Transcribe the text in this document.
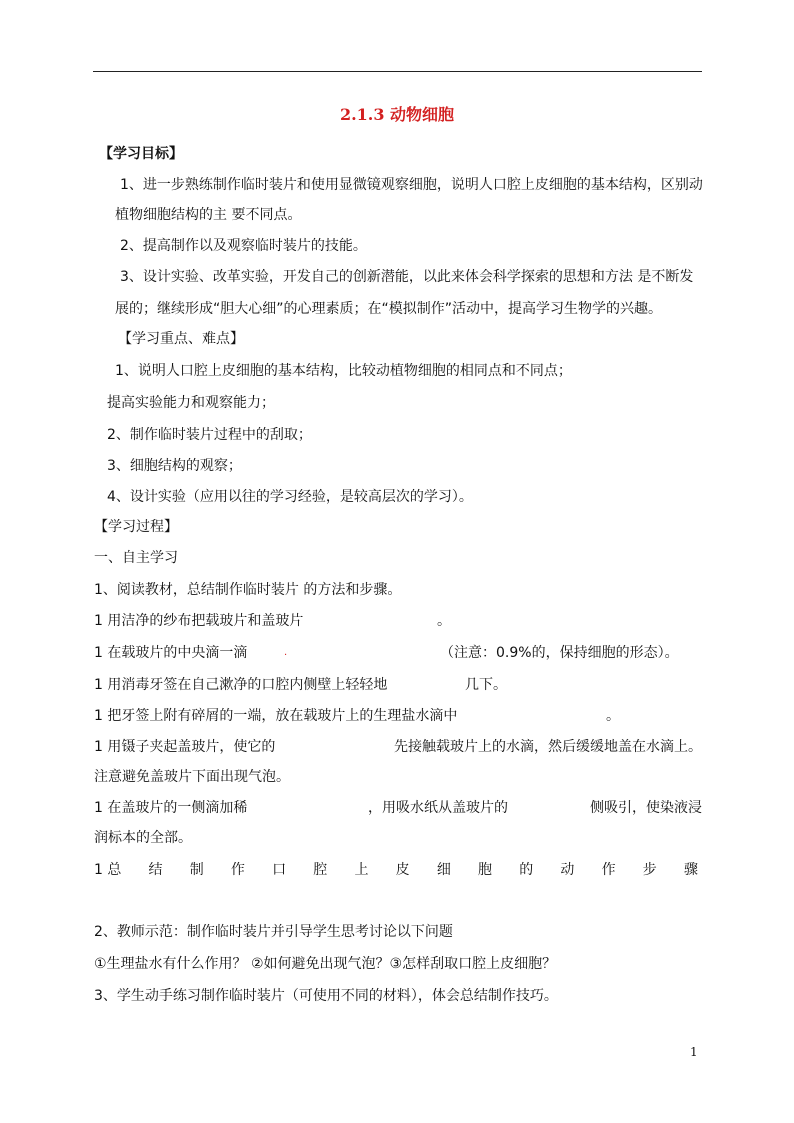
2.1.3 动物细胞
【学习目标】
1、进一步熟练制作临时装片和使用显微镜观察细胞，说明人口腔上皮细胞的基本结构，区别动
植物细胞结构的主 要不同点。
2、提高制作以及观察临时装片的技能。
3、设计实验、改革实验，开发自己的创新潜能，以此来体会科学探索的思想和方法 是不断发
展的；继续形成“胆大心细”的心理素质；在“模拟制作”活动中，提高学习生物学的兴趣。
【学习重点、难点】
1、说明人口腔上皮细胞的基本结构，比较动植物细胞的相同点和不同点；
提高实验能力和观察能力；
2、制作临时装片过程中的刮取；
3、细胞结构的观察；
4、设计实验（应用以往的学习经验，是较高层次的学习）。
【学习过程】
一、自主学习
1、阅读教材，总结制作临时装片 的方法和步骤。
1 用洁净的纱布把载玻片和盖玻片	。
1 在载玻片的中央滴一滴	.	（注意：0.9%的，保持细胞的形态）。
1 用消毒牙签在自己漱净的口腔内侧壁上轻轻地	几下。
1 把牙签上附有碎屑的一端，放在载玻片上的生理盐水滴中	。
1 用镊子夹起盖玻片，使它的	先接触载玻片上的水滴，然后缓缓地盖在水滴上。
注意避免盖玻片下面出现气泡。
1 在盖玻片的一侧滴加稀	，用吸水纸从盖玻片的	侧吸引，使染液浸
润标本的全部。
1 总 结 制 作 口 腔 上 皮 细 胞 的 动 作 步 骤
2、教师示范：制作临时装片并引导学生思考讨论以下问题
①生理盐水有什么作用？ ②如何避免出现气泡？③怎样刮取口腔上皮细胞？
3、学生动手练习制作临时装片（可使用不同的材料），体会总结制作技巧。
1
